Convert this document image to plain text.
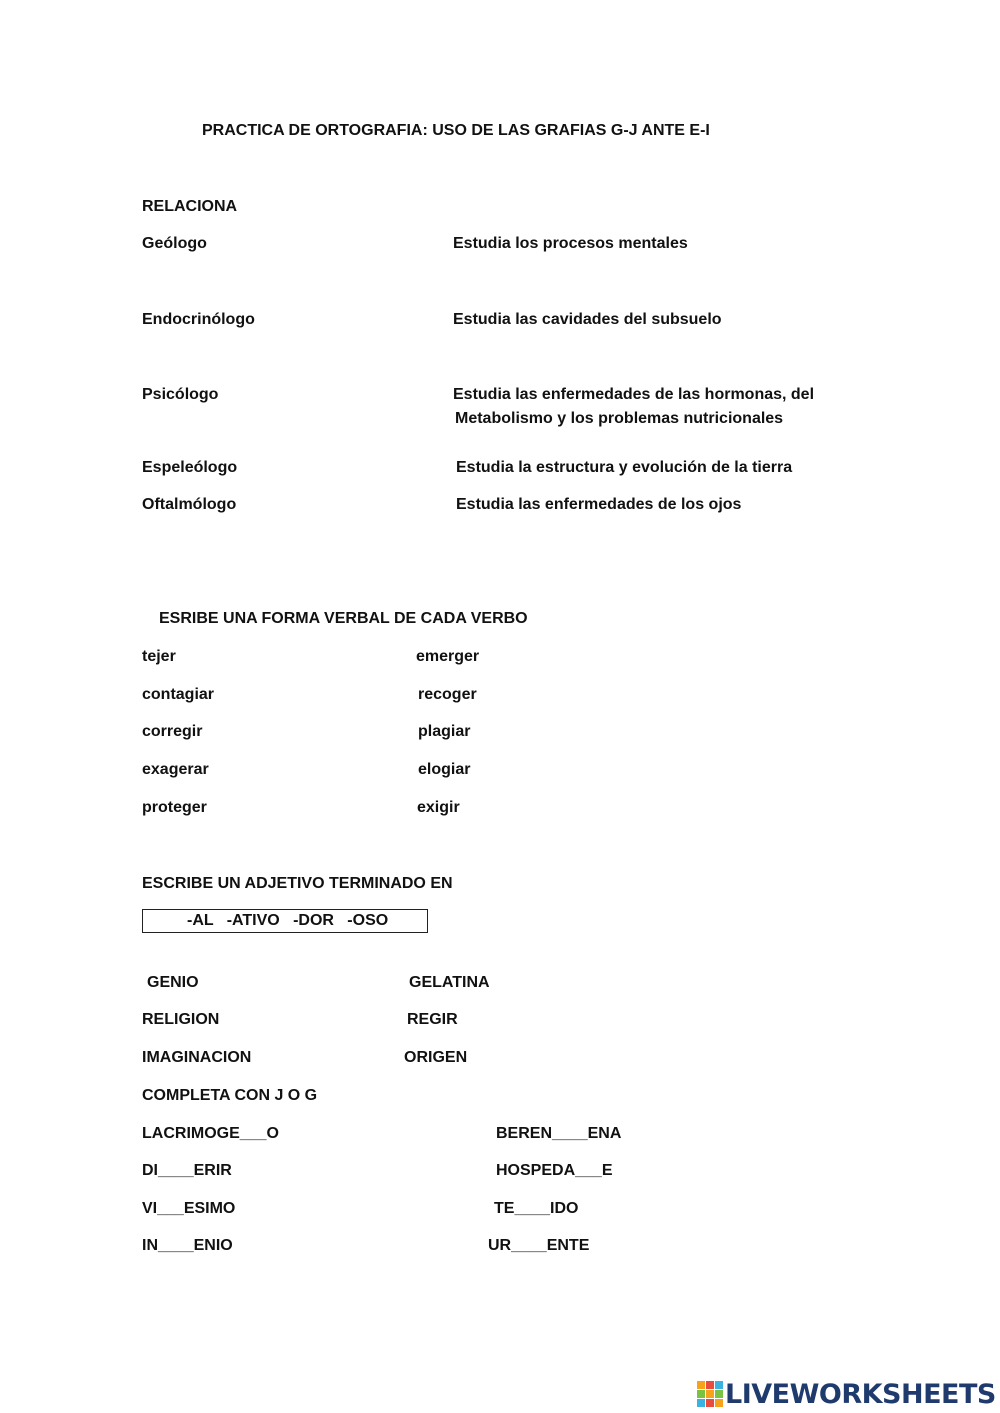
PRACTICA DE ORTOGRAFIA: USO DE LAS GRAFIAS G-J ANTE E-I
RELACIONA
Geólogo
Endocrinólogo
Psicólogo
Espeleólogo
Oftalmólogo
Estudia los procesos mentales
Estudia las cavidades del subsuelo
Estudia las enfermedades de las hormonas, del
Metabolismo y los problemas nutricionales
Estudia la estructura y evolución de la tierra
Estudia las enfermedades de los ojos
ESRIBE UNA FORMA VERBAL DE CADA VERBO
tejer
contagiar
corregir
exagerar
proteger
emerger
recoger
plagiar
elogiar
exigir
ESCRIBE UN ADJETIVO TERMINADO EN
-AL   -ATIVO   -DOR   -OSO
GENIO
RELIGION
IMAGINACION
GELATINA
REGIR
ORIGEN
COMPLETA CON J O G
LACRIMOGE___O
DI____ERIR
VI___ESIMO
IN____ENIO
BEREN____ENA
HOSPEDA___E
TE____IDO
UR____ENTE
LIVEWORKSHEETS
